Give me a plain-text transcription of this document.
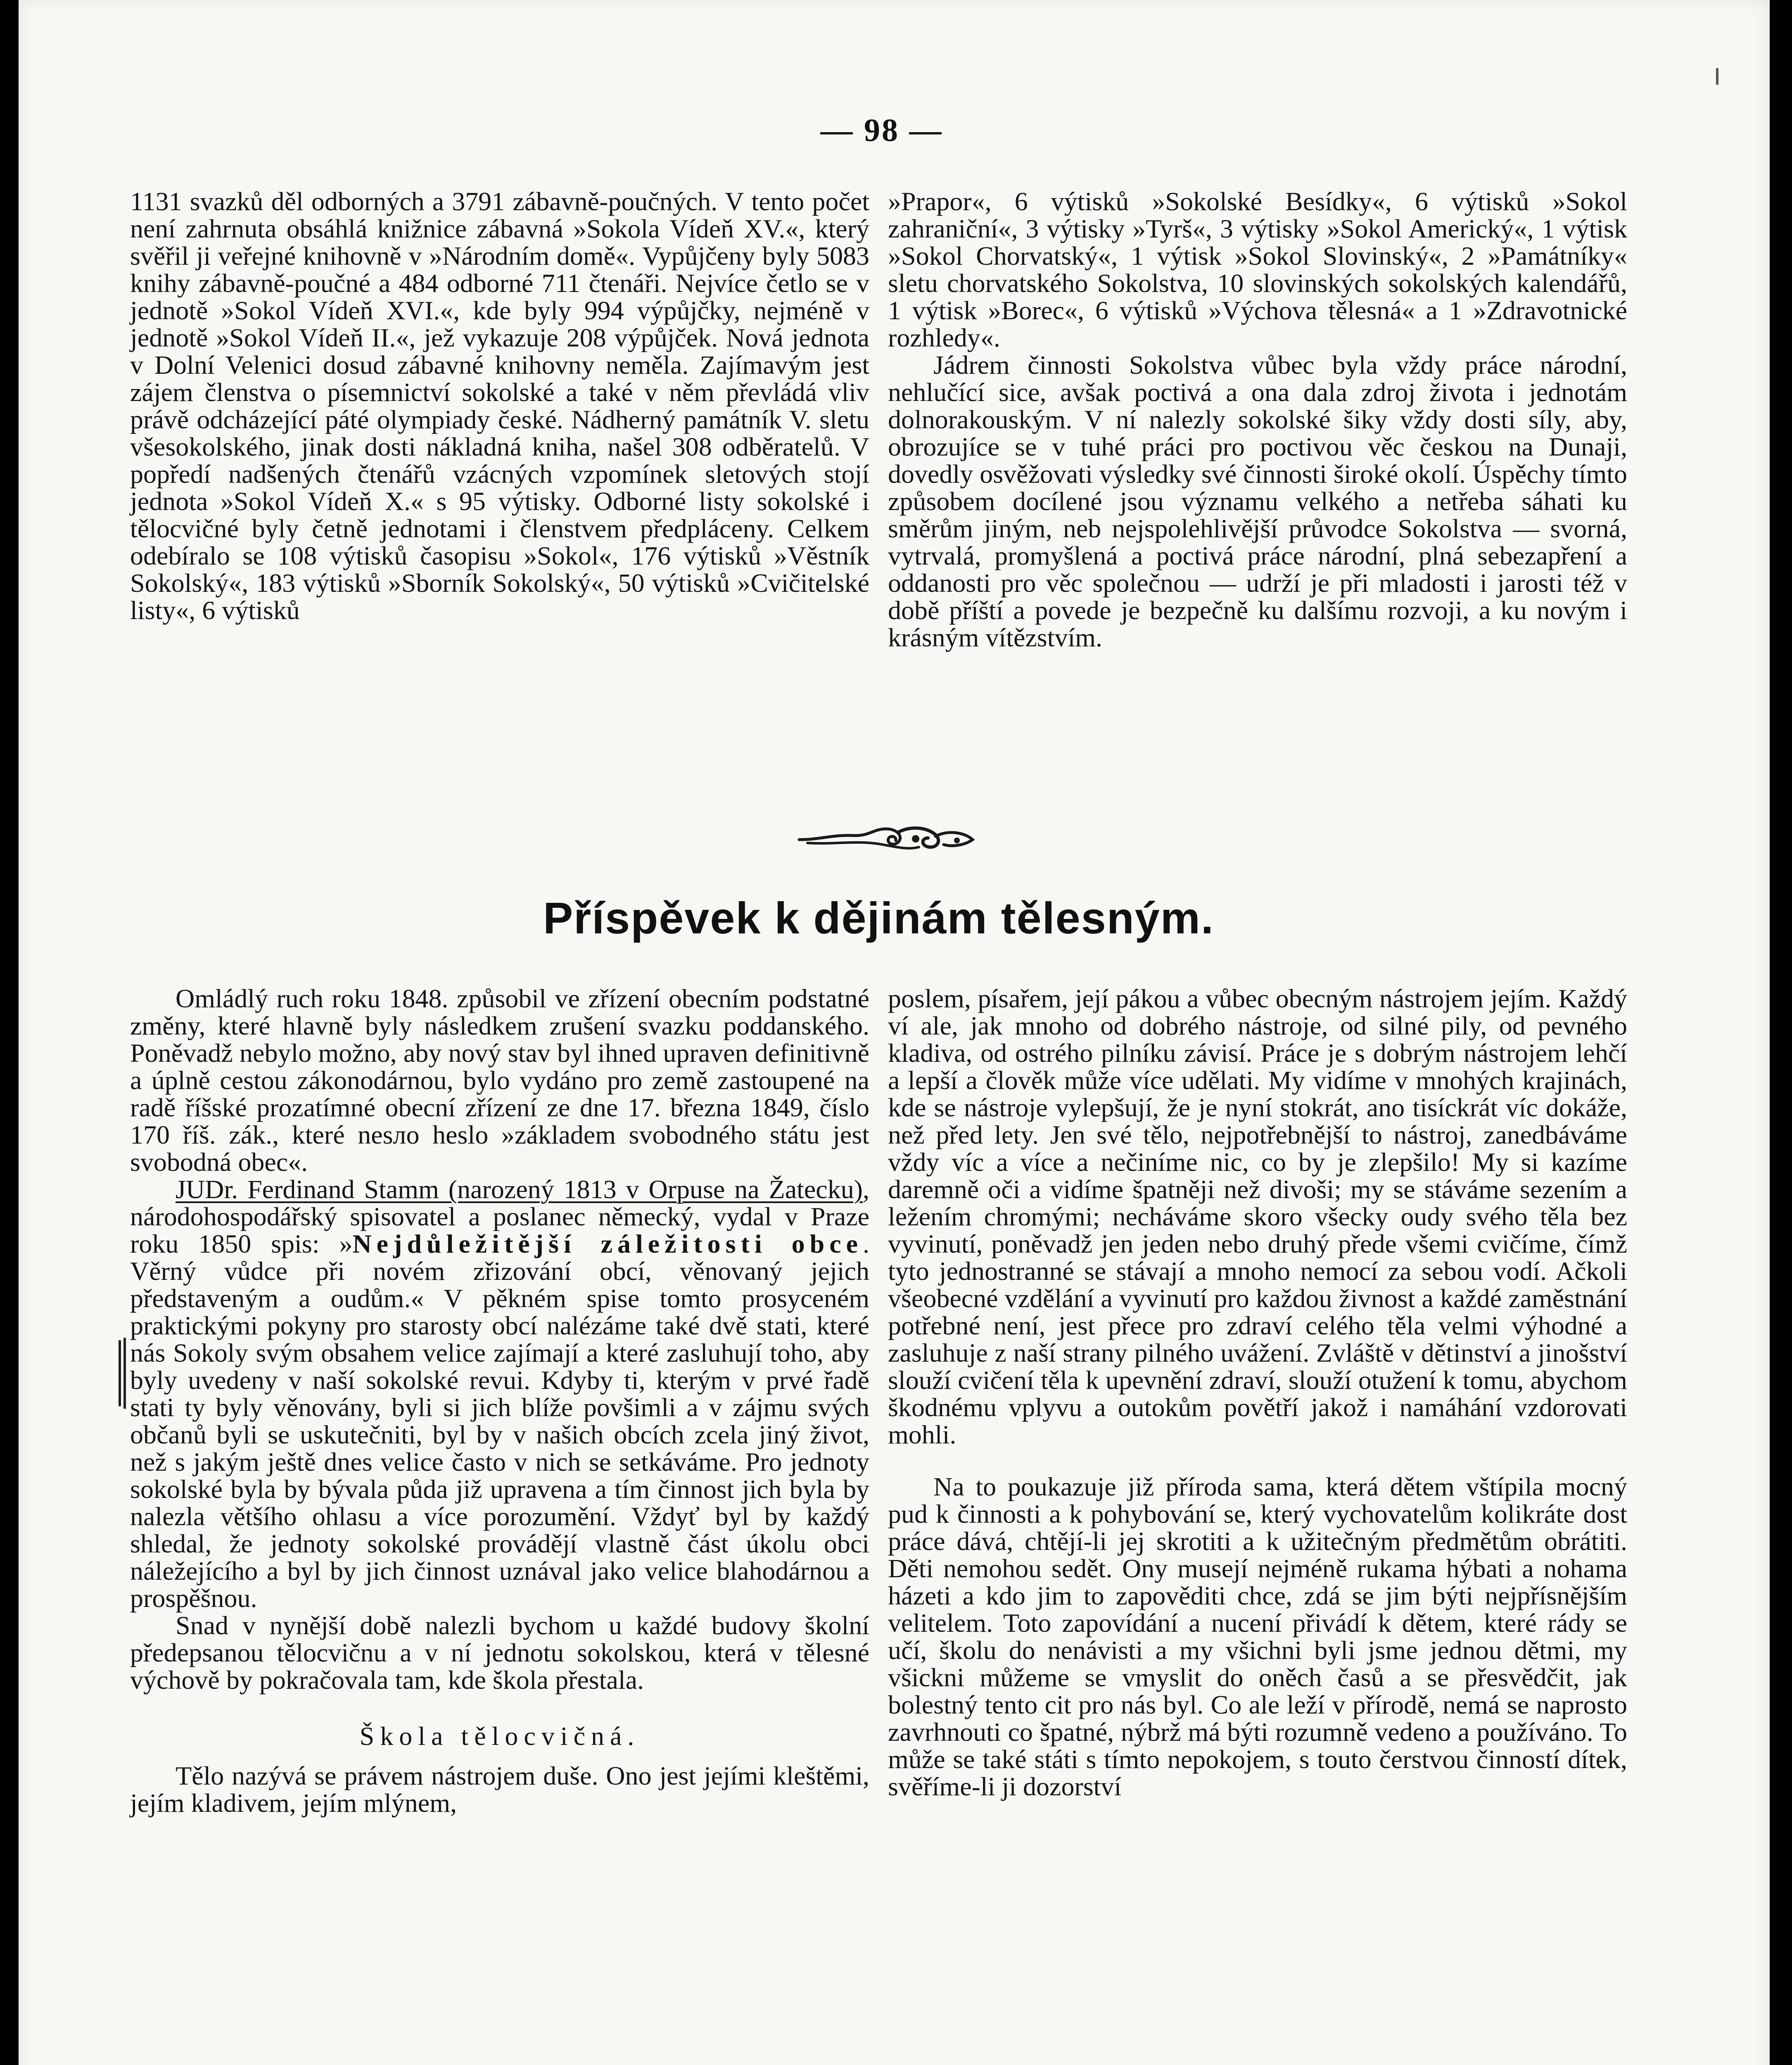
— 98 —

1131 svazků děl odborných a 3791 zábavně-poučných. V tento počet není zahrnuta obsáhlá knižnice zábavná »Sokola Vídeň XV.«, který svěřil ji veřejné knihovně v »Národním domě«. Vypůjčeny byly 5083 knihy zábavně-poučné a 484 odborné 711 čtenáři. Nejvíce četlo se v jednotě »Sokol Vídeň XVI.«, kde byly 994 výpůjčky, nejméně v jednotě »Sokol Vídeň II.«, jež vykazuje 208 výpůjček. Nová jednota v Dolní Velenici dosud zábavné knihovny neměla. Zajímavým jest zájem členstva o písemnictví sokolské a také v něm převládá vliv právě odcházející páté olympiady české. Nádherný památník V. sletu všesokolského, jinak dosti nákladná kniha, našel 308 odběratelů. V popředí nadšených čtenářů vzácných vzpomínek sletových stojí jednota »Sokol Vídeň X.« s 95 výtisky. Odborné listy sokolské i tělocvičné byly četně jednotami i členstvem předpláceny. Celkem odebíralo se 108 výtisků časopisu »Sokol«, 176 výtisků »Věstník Sokolský«, 183 výtisků »Sborník Sokolský«, 50 výtisků »Cvičitelské listy«, 6 výtisků

»Prapor«, 6 výtisků »Sokolské Besídky«, 6 výtisků »Sokol zahraniční«, 3 výtisky »Tyrš«, 3 výtisky »Sokol Americký«, 1 výtisk »Sokol Chorvatský«, 1 výtisk »Sokol Slovinský«, 2 »Památníky« sletu chorvatského Sokolstva, 10 slovinských sokolských kalendářů, 1 výtisk »Borec«, 6 výtisků »Výchova tělesná« a 1 »Zdravotnické rozhledy«.

Jádrem činnosti Sokolstva vůbec byla vždy práce národní, nehlučící sice, avšak poctivá a ona dala zdroj života i jednotám dolnorakouským. V ní nalezly sokolské šiky vždy dosti síly, aby, obrozujíce se v tuhé práci pro poctivou věc českou na Dunaji, dovedly osvěžovati výsledky své činnosti široké okolí. Úspěchy tímto způsobem docílené jsou významu velkého a netřeba sáhati ku směrům jiným, neb nejspolehlivější průvodce Sokolstva — svorná, vytrvalá, promyšlená a poctivá práce národní, plná sebezapření a oddanosti pro věc společnou — udrží je při mladosti i jarosti též v době příští a povede je bezpečně ku dalšímu rozvoji, a ku novým i krásným vítězstvím.

Příspěvek k dějinám tělesným.

Omládlý ruch roku 1848. způsobil ve zřízení obecním podstatné změny, které hlavně byly následkem zrušení svazku poddanského. Poněvadž nebylo možno, aby nový stav byl ihned upraven definitivně a úplně cestou zákonodárnou, bylo vydáno pro země zastoupené na radě říšské prozatímné obecní zřízení ze dne 17. března 1849, číslo 170 říš. zák., které nesло heslo »základem svobodného státu jest svobodná obec«.

JUDr. Ferdinand Stamm (narozený 1813 v Orpuse na Žatecku), národohospodářský spisovatel a poslanec německý, vydal v Praze roku 1850 spis: »Nejdůležitější záležitosti obce. Věrný vůdce při novém zřizování obcí, věnovaný jejich představeným a oudům.« V pěkném spise tomto prosyceném praktickými pokyny pro starosty obcí nalézáme také dvě stati, které nás Sokoly svým obsahem velice zajímají a které zasluhují toho, aby byly uvedeny v naší sokolské revui. Kdyby ti, kterým v prvé řadě stati ty byly věnovány, byli si jich blíže povšimli a v zájmu svých občanů byli se uskutečniti, byl by v našich obcích zcela jiný život, než s jakým ještě dnes velice často v nich se setkáváme. Pro jednoty sokolské byla by bývala půda již upravena a tím činnost jich byla by nalezla většího ohlasu a více porozumění. Vždyť byl by každý shledal, že jednoty sokolské provádějí vlastně část úkolu obci náležejícího a byl by jich činnost uznával jako velice blahodárnou a prospěšnou.

Snad v nynější době nalezli bychom u každé budovy školní předepsanou tělocvičnu a v ní jednotu sokolskou, která v tělesné výchově by pokračovala tam, kde škola přestala.

Škola tělocvičná.

Tělo nazývá se právem nástrojem duše. Ono jest jejími kleštěmi, jejím kladivem, jejím mlýnem,

poslem, písařem, její pákou a vůbec obecným nástrojem jejím. Každý ví ale, jak mnoho od dobrého nástroje, od silné pily, od pevného kladiva, od ostrého pilníku závisí. Práce je s dobrým nástrojem lehčí a lepší a člověk může více udělati. My vidíme v mnohých krajinách, kde se nástroje vylepšují, že je nyní stokrát, ano tisíckrát víc dokáže, než před lety. Jen své tělo, nejpotřebnější to nástroj, zanedbáváme vždy víc a více a nečiníme nic, co by je zlepšilo! My si kazíme daremně oči a vidíme špatněji než divoši; my se stáváme sezením a ležením chromými; necháváme skoro všecky oudy svého těla bez vyvinutí, poněvadž jen jeden nebo druhý přede všemi cvičíme, čímž tyto jednostranné se stávají a mnoho nemocí za sebou vodí. Ačkoli všeobecné vzdělání a vyvinutí pro každou živnost a každé zaměstnání potřebné není, jest přece pro zdraví celého těla velmi výhodné a zasluhuje z naší strany pilného uvážení. Zvláště v dětinství a jinošství slouží cvičení těla k upevnění zdraví, slouží otužení k tomu, abychom škodnému vplyvu a outokům povětří jakož i namáhání vzdorovati mohli.

Na to poukazuje již příroda sama, která dětem vštípila mocný pud k činnosti a k pohybování se, který vychovatelům kolikráte dost práce dává, chtějí-li jej skrotiti a k užitečným předmětům obrátiti. Děti nemohou sedět. Ony musejí nejméně rukama hýbati a nohama házeti a kdo jim to zapověditi chce, zdá se jim býti nejpřísnějším velitelem. Toto zapovídání a nucení přivádí k dětem, které rády se učí, školu do nenávisti a my všichni byli jsme jednou dětmi, my všickni můžeme se vmyslit do oněch časů a se přesvědčit, jak bolestný tento cit pro nás byl. Co ale leží v přírodě, nemá se naprosto zavrhnouti co špatné, nýbrž má býti rozumně vedeno a používáno. To může se také státi s tímto nepokojem, s touto čerstvou činností dítek, svěříme-li ji dozorství
